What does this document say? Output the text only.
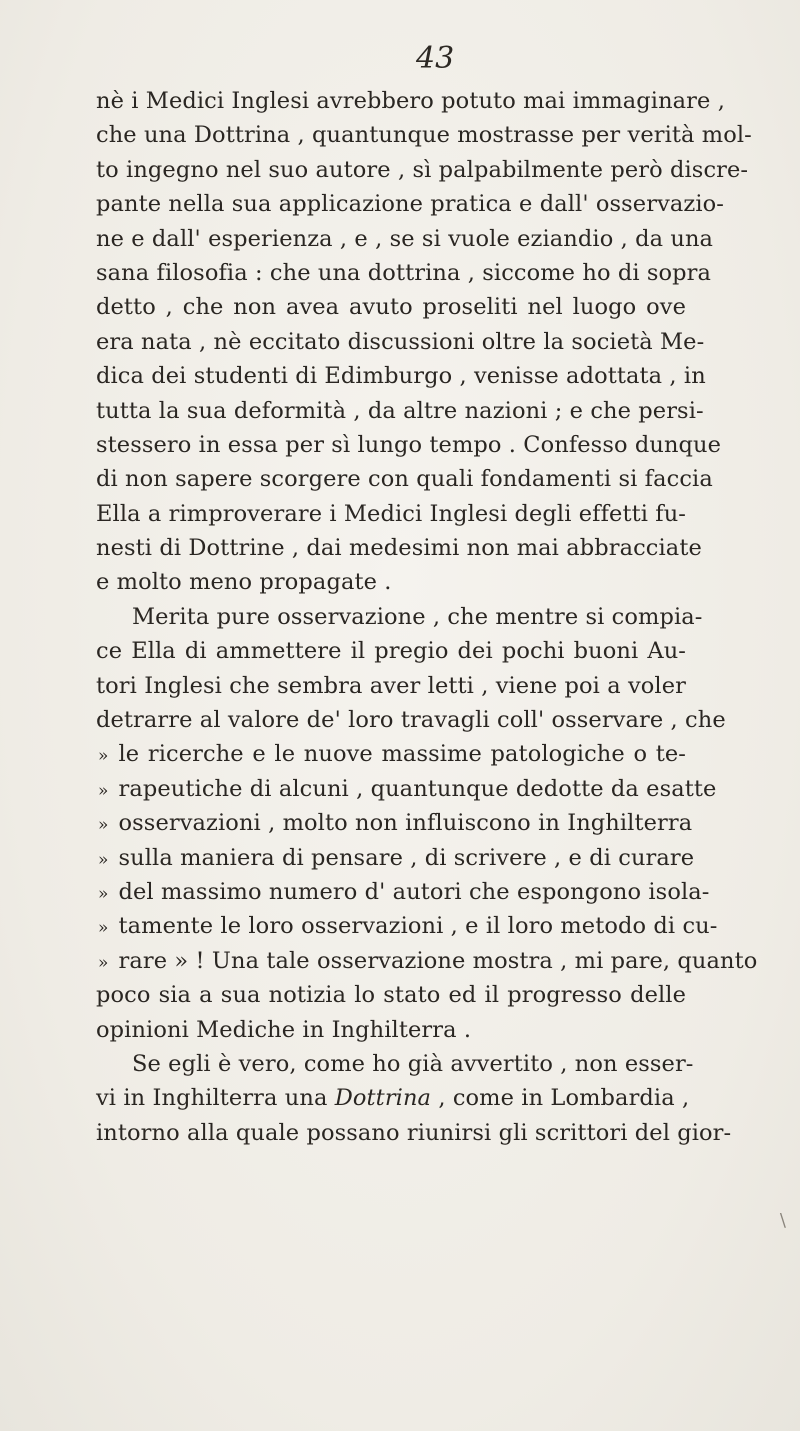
43
nè i Medici Inglesi avrebbero potuto mai immaginare ,
che una Dottrina , quantunque mostrasse per verità mol-
to ingegno nel suo autore , sì palpabilmente però discre-
pante nella sua applicazione pratica e dall' osservazio-
ne e dall' esperienza , e , se si vuole eziandio , da una
sana filosofia : che una dottrina , siccome ho di sopra
detto , che non avea avuto proseliti nel luogo ove
era nata , nè eccitato discussioni oltre la società Me-
dica dei studenti di Edimburgo , venisse adottata , in
tutta la sua deformità , da altre nazioni ; e che persi-
stessero in essa per sì lungo tempo . Confesso dunque
di non sapere scorgere con quali fondamenti si faccia
Ella a rimproverare i Medici Inglesi degli effetti fu-
nesti di Dottrine , dai medesimi non mai abbracciate
e molto meno propagate .
Merita pure osservazione , che mentre si compia-
ce Ella di ammettere il pregio dei pochi buoni Au-
tori Inglesi che sembra aver letti , viene poi a voler
detrarre al valore de' loro travagli coll' osservare , che
» le ricerche e le nuove massime patologiche o te-
» rapeutiche di alcuni , quantunque dedotte da esatte
» osservazioni , molto non influiscono in Inghilterra
» sulla maniera di pensare , di scrivere , e di curare
» del massimo numero d' autori che espongono isola-
» tamente le loro osservazioni , e il loro metodo di cu-
» rare » ! Una tale osservazione mostra , mi pare, quanto
poco sia a sua notizia lo stato ed il progresso delle
opinioni Mediche in Inghilterra .
Se egli è vero, come ho già avvertito , non esser-
vi in Inghilterra una Dottrina , come in Lombardia ,
intorno alla quale possano riunirsi gli scrittori del gior-
\
